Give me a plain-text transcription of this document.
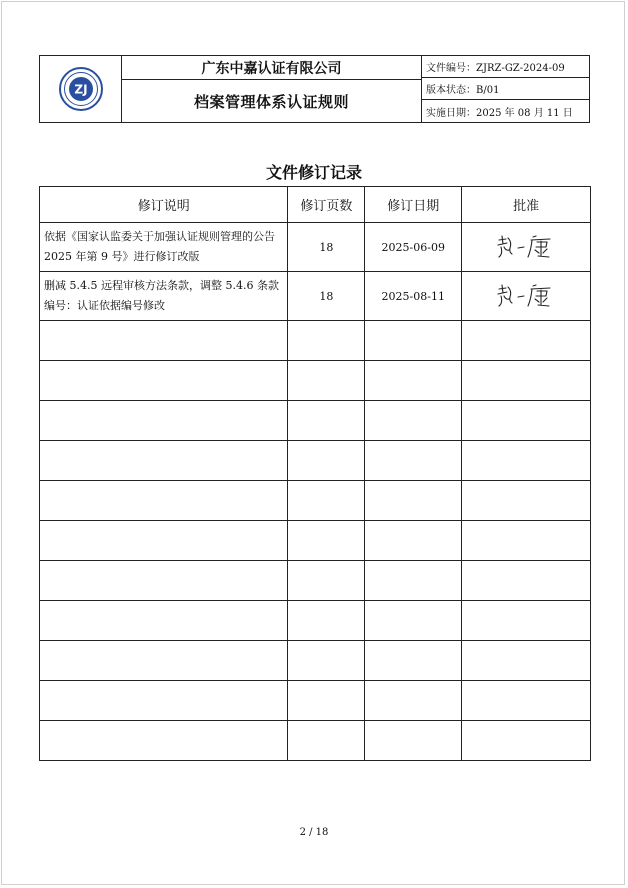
ZJ
广东中嘉认证有限公司
档案管理体系认证规则
文件编号：ZJRZ-GZ-2024-09
版本状态：B/01
实施日期：2025 年 08 月 11 日
文件修订记录
修订说明	修订页数	修订日期	批准
依据《国家认监委关于加强认证规则管理的公告 2025 年第 9 号》进行修订改版	18	2025-06-09	
删减 5.4.5 远程审核方法条款，调整 5.4.6 条款编号：认证依据编号修改	18	2025-08-11	

2 / 18
